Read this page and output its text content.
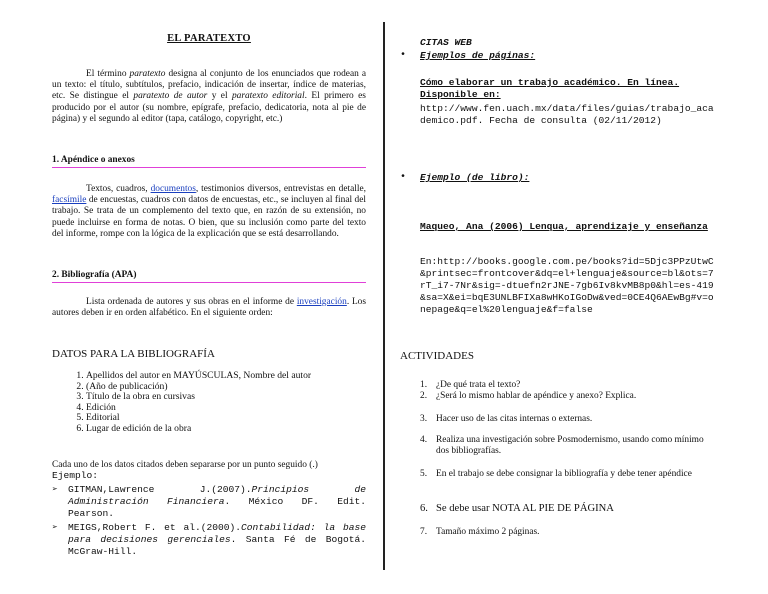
EL PARATEXTO
El término paratexto designa al conjunto de los enunciados que rodean a un texto: el título, subtítulos, prefacio, indicación de insertar, índice de materias, etc. Se distingue el paratexto de autor y el paratexto editorial. El primero es producido por el autor (su nombre, epígrafe, prefacio, dedicatoria, nota al pie de página) y el segundo al editor (tapa, catálogo, copyright, etc.)
1. Apéndice o anexos
Textos, cuadros, documentos, testimonios diversos, entrevistas en detalle, facsímile de encuestas, cuadros con datos de encuestas, etc., se incluyen al final del trabajo. Se trata de un complemento del texto que, en razón de su extensión, no puede incluirse en forma de notas. O bien, que su inclusión como parte del texto del informe, rompe con la lógica de la explicación que se está desarrollando.
2. Bibliografía (APA)
Lista ordenada de autores y sus obras en el informe de investigación. Los autores deben ir en orden alfabético. En el siguiente orden:
DATOS PARA LA BIBLIOGRAFÍA
1. Apellidos del autor en MAYÚSCULAS, Nombre del autor
2. (Año de publicación)
3. Título de la obra en cursivas
4. Edición
5. Editorial
6. Lugar de edición de la obra
Cada uno de los datos citados deben separarse por un punto seguido (.)
Ejemplo:
➢ GITMAN,Lawrence J.(2007).Principios de Administración Financiera. México DF. Edit. Pearson.
➢ MEIGS,Robert F. et al.(2000).Contabilidad: la base para decisiones gerenciales. Santa Fé de Bogotá. McGraw-Hill.
CITAS WEB
• Ejemplos de páginas:
Cómo elaborar un trabajo académico. En línea. Disponible en:
http://www.fen.uach.mx/data/files/guias/trabajo_academico.pdf. Fecha de consulta (02/11/2012)
• Ejemplo (de libro):
Maqueo, Ana (2006) Lenqua, aprendizaje y enseñanza
En:http://books.google.com.pe/books?id=5Djc3PPzUtwC&printsec=frontcover&dq=el+lenguaje&source=bl&ots=7rT_i7-7Nr&sig=-dtuefn2rJNE-7gb6Iv8kvMB8p0&hl=es-419&sa=X&ei=bqE3UNLBFIXa8wHKoIGoDw&ved=0CE4Q6AEwBg#v=onepage&q=el%20lenguaje&f=false
ACTIVIDADES
1. ¿De qué trata el texto?
2. ¿Será lo mismo hablar de apéndice y anexo? Explica.
3. Hacer uso de las citas internas o externas.
4. Realiza una investigación sobre Posmodernismo, usando como mínimo dos bibliografías.
5. En el trabajo se debe consignar la bibliografía y debe tener apéndice
6. Se debe usar NOTA AL PIE DE PÁGINA
7. Tamaño máximo 2 páginas.
